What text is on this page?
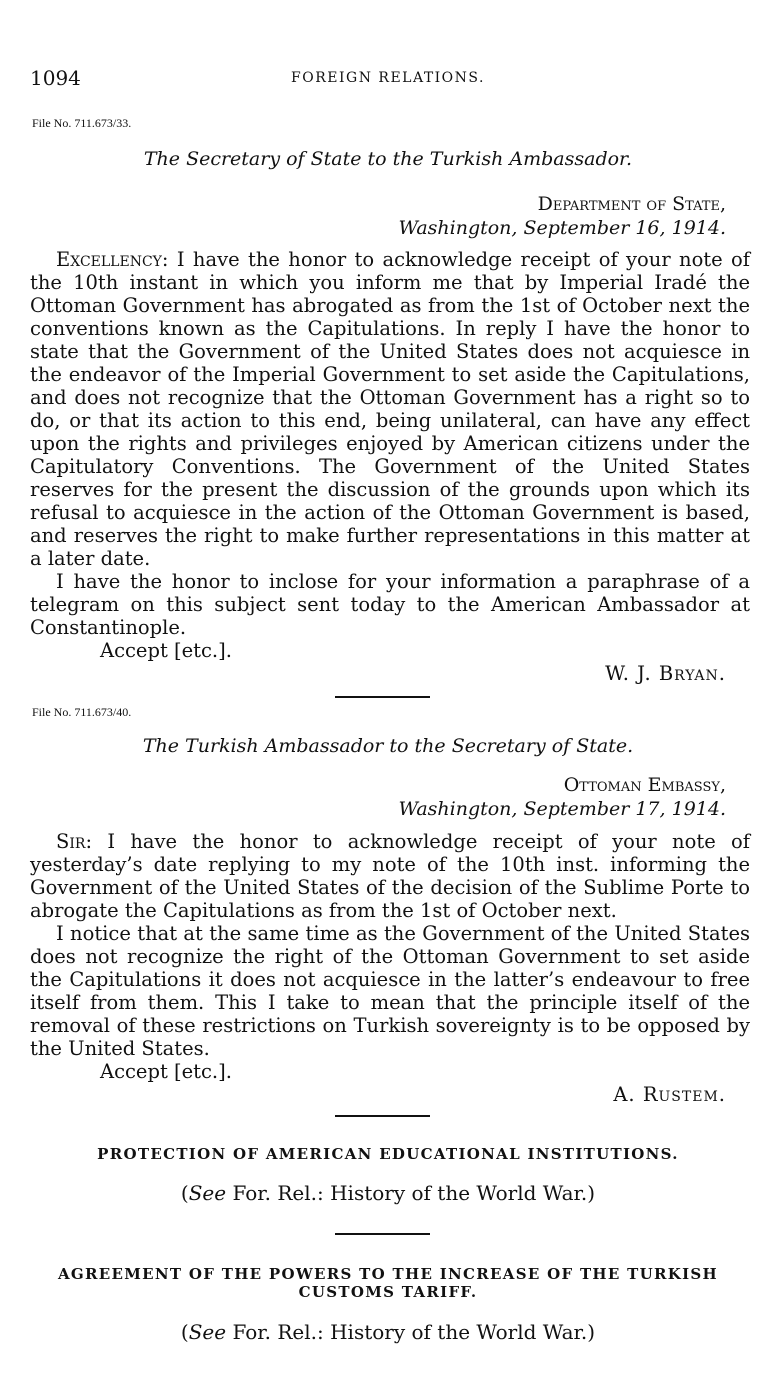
1094	FOREIGN RELATIONS.
File No. 711.673/33.
The Secretary of State to the Turkish Ambassador.
Department of State,
Washington, September 16, 1914.

Excellency: I have the honor to acknowledge receipt of your note of the 10th instant in which you inform me that by Imperial Iradé the Ottoman Government has abrogated as from the 1st of October next the conventions known as the Capitulations. In reply I have the honor to state that the Government of the United States does not acquiesce in the endeavor of the Imperial Government to set aside the Capitulations, and does not recognize that the Ottoman Government has a right so to do, or that its action to this end, being unilateral, can have any effect upon the rights and privileges enjoyed by American citizens under the Capitulatory Conventions. The Government of the United States reserves for the present the discussion of the grounds upon which its refusal to acquiesce in the action of the Ottoman Government is based, and reserves the right to make further representations in this matter at a later date.

I have the honor to inclose for your information a paraphrase of a telegram on this subject sent today to the American Ambassador at Constantinople.

Accept [etc.].
W. J. Bryan.
File No. 711.673/40.
The Turkish Ambassador to the Secretary of State.
Ottoman Embassy,
Washington, September 17, 1914.

Sir: I have the honor to acknowledge receipt of your note of yesterday’s date replying to my note of the 10th inst. informing the Government of the United States of the decision of the Sublime Porte to abrogate the Capitulations as from the 1st of October next.

I notice that at the same time as the Government of the United States does not recognize the right of the Ottoman Government to set aside the Capitulations it does not acquiesce in the latter’s endeavour to free itself from them. This I take to mean that the principle itself of the removal of these restrictions on Turkish sovereignty is to be opposed by the United States.

Accept [etc.].
A. Rustem.
PROTECTION OF AMERICAN EDUCATIONAL INSTITUTIONS.
(See For. Rel.: History of the World War.)
AGREEMENT OF THE POWERS TO THE INCREASE OF THE TURKISH CUSTOMS TARIFF.
(See For. Rel.: History of the World War.)
